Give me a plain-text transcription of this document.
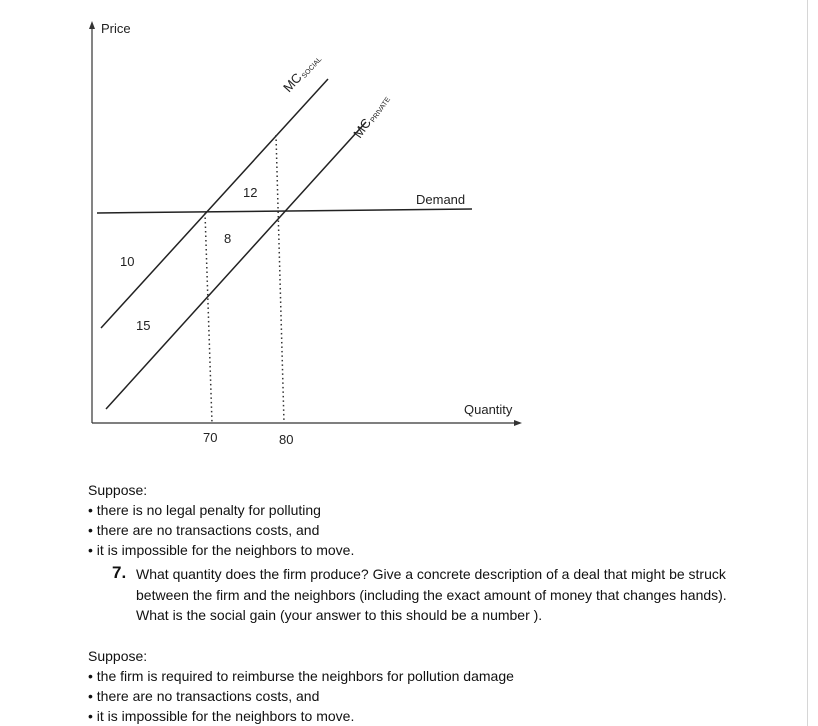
Price
Quantity
Demand
MCSOCIAL
MCPRIVATE
12
8
10
15
70	80
Suppose:
• there is no legal penalty for polluting
• there are no transactions costs, and
• it is impossible for the neighbors to move.
7. What quantity does the firm produce? Give a concrete description of a deal that might be struck between the firm and the neighbors (including the exact amount of money that changes hands). What is the social gain (your answer to this should be a number ).
Suppose:
• the firm is required to reimburse the neighbors for pollution damage
• there are no transactions costs, and
• it is impossible for the neighbors to move.
